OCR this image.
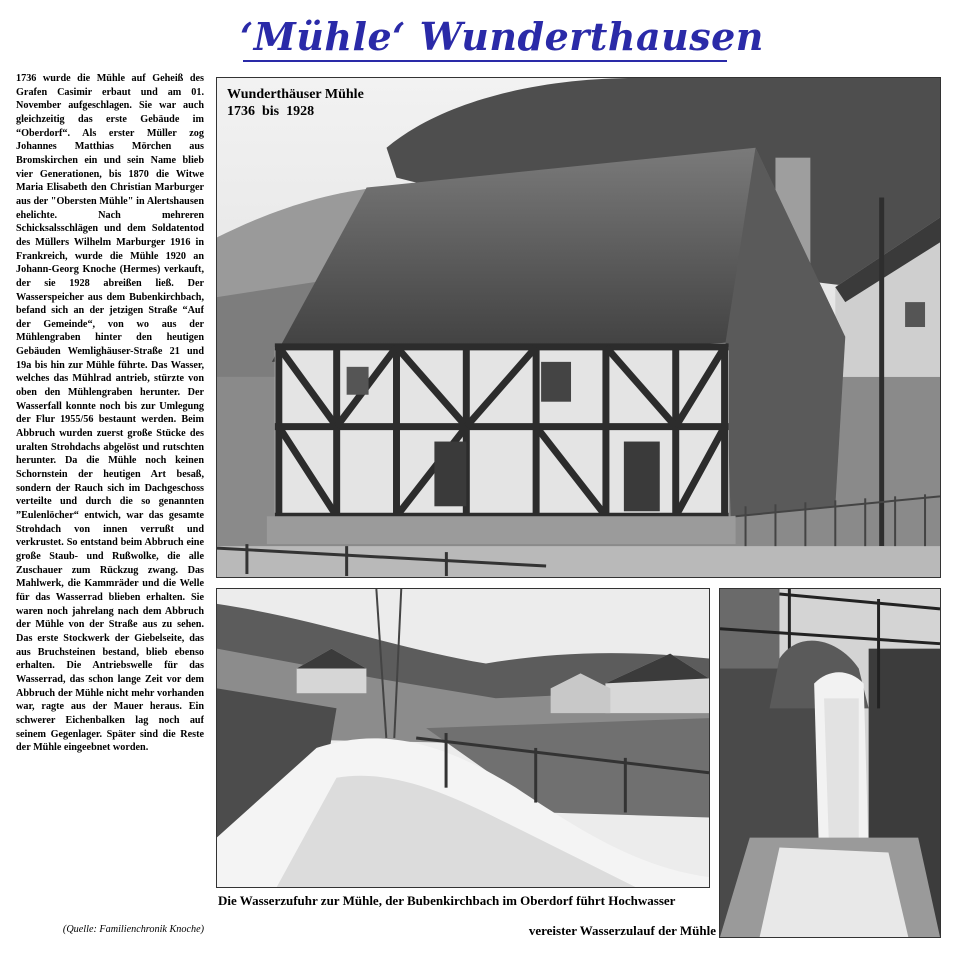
‘Mühle‘ Wunderthausen
1736 wurde die Mühle auf Geheiß des Grafen Casimir erbaut und am 01. November aufgeschlagen. Sie war auch gleichzeitig das erste Gebäude im “Oberdorf“. Als erster Müller zog Johannes Matthias Mörchen aus Bromskirchen ein und sein Name blieb vier Generationen, bis 1870 die Witwe Maria Elisabeth den Christian Marburger aus der "Obersten Mühle" in Alertshausen ehelichte. Nach mehreren Schicksalsschlägen und dem Soldatentod des Müllers Wilhelm Marburger 1916 in Frankreich, wurde die Mühle 1920 an Johann-Georg Knoche (Hermes) verkauft, der sie 1928 abreißen ließ. Der Wasserspeicher aus dem Bubenkirchbach, befand sich an der jetzigen Straße “Auf der Gemeinde“, von wo aus der Mühlengraben hinter den heutigen Gebäuden Wemlighäuser-Straße 21 und 19a bis hin zur Mühle führte. Das Wasser, welches das Mühlrad antrieb, stürzte von oben den Mühlengraben herunter. Der Wasserfall konnte noch bis zur Umlegung der Flur 1955/56 bestaunt werden. Beim Abbruch wurden zuerst große Stücke des uralten Strohdachs abgelöst und rutschten herunter. Da die Mühle noch keinen Schornstein der heutigen Art besaß, sondern der Rauch sich im Dachgeschoss verteilte und durch die so genannten ”Eulenlöcher“ entwich, war das gesamte Strohdach von innen verrußt und verkrustet. So entstand beim Abbruch eine große Staub- und Rußwolke, die alle Zuschauer zum Rückzug zwang. Das Mahlwerk, die Kammräder und die Welle für das Wasserrad blieben erhalten. Sie waren noch jahrelang nach dem Abbruch der Mühle von der Straße aus zu sehen. Das erste Stockwerk der Giebelseite, das aus Bruchsteinen bestand, blieb ebenso erhalten. Die Antriebswelle für das Wasserrad, das schon lange Zeit vor dem Abbruch der Mühle nicht mehr vorhanden war, ragte aus der Mauer heraus. Ein schwerer Eichenbalken lag noch auf seinem Gegenlager. Später sind die Reste der Mühle eingeebnet worden.
(Quelle: Familienchronik Knoche)
Wunderthäuser Mühle
1736  bis  1928
Die Wasserzufuhr zur Mühle, der Bubenkirchbach im Oberdorf führt Hochwasser
vereister Wasserzulauf der Mühle
